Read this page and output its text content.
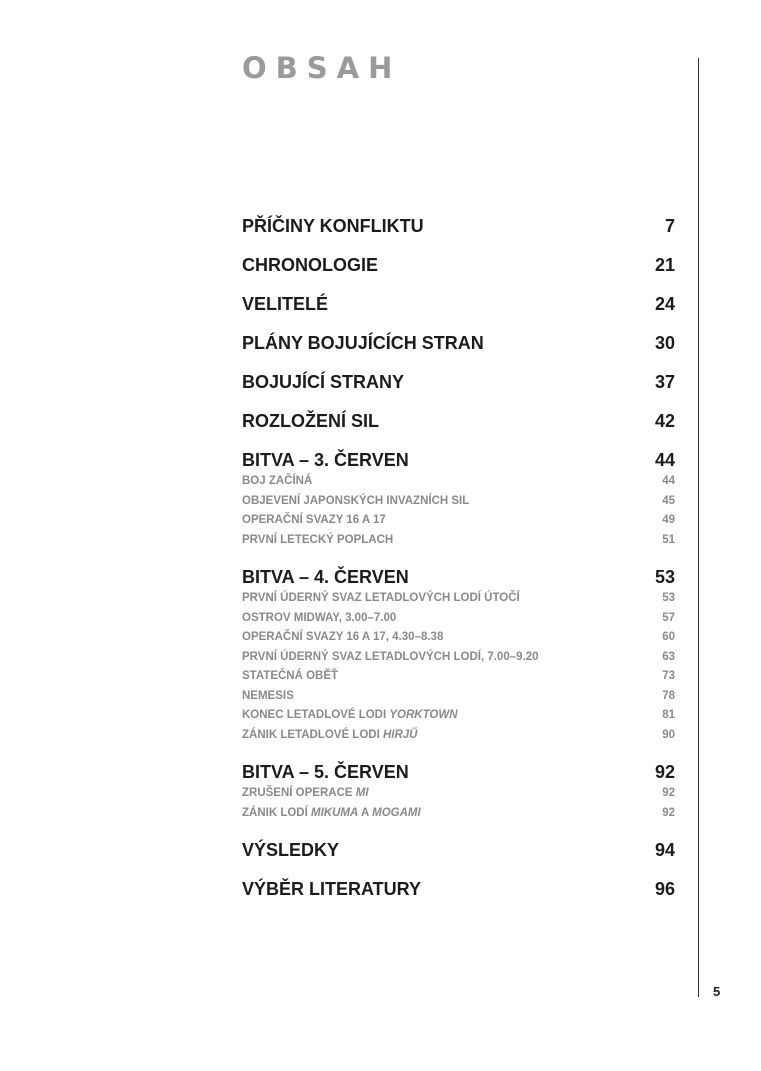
OBSAH
5
PŘÍČINY KONFLIKTU	7
CHRONOLOGIE	21
VELITELÉ	24
PLÁNY BOJUJÍCÍCH STRAN	30
BOJUJÍCÍ STRANY	37
ROZLOŽENÍ SIL	42
BITVA – 3. ČERVEN	44
BOJ ZAČÍNÁ	44
OBJEVENÍ JAPONSKÝCH INVAZNÍCH SIL	45
OPERAČNÍ SVAZY 16 A 17	49
PRVNÍ LETECKÝ POPLACH	51
BITVA – 4. ČERVEN	53
PRVNÍ ÚDERNÝ SVAZ LETADLOVÝCH LODÍ ÚTOČÍ	53
OSTROV MIDWAY, 3.00–7.00	57
OPERAČNÍ SVAZY 16 A 17, 4.30–8.38	60
PRVNÍ ÚDERNÝ SVAZ LETADLOVÝCH LODÍ, 7.00–9.20	63
STATEČNÁ OBĚŤ	73
NEMESIS	78
KONEC LETADLOVÉ LODI YORKTOWN	81
ZÁNIK LETADLOVÉ LODI HIRJŰ	90
BITVA – 5. ČERVEN	92
ZRUŠENÍ OPERACE MI	92
ZÁNIK LODÍ MIKUMA A MOGAMI	92
VÝSLEDKY	94
VÝBĚR LITERATURY	96
